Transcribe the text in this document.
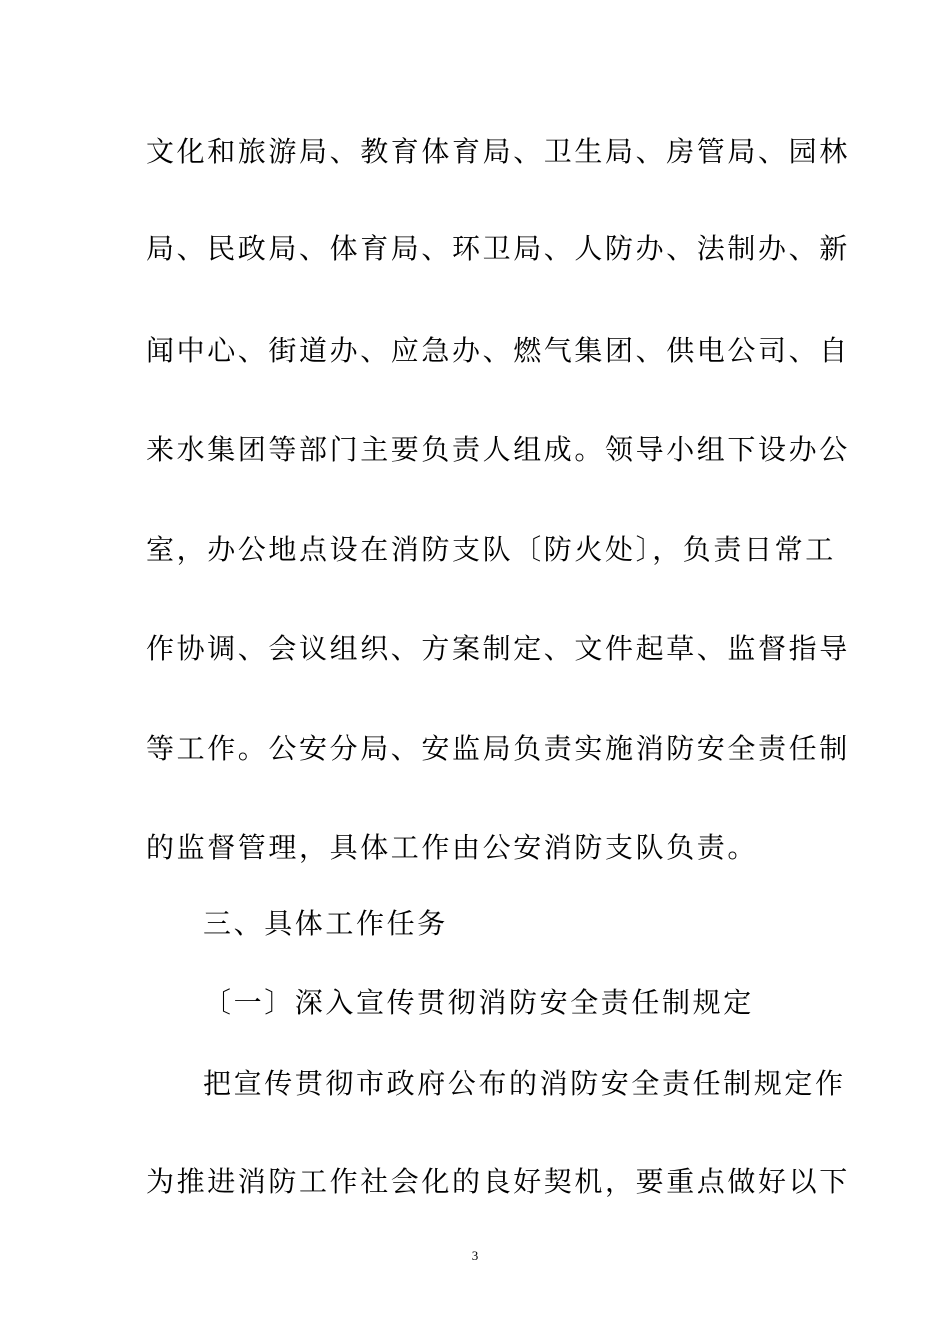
文化和旅游局、教育体育局、卫生局、房管局、园林
局、民政局、体育局、环卫局、人防办、法制办、新
闻中心、街道办、应急办、燃气集团、供电公司、自
来水集团等部门主要负责人组成。领导小组下设办公
室，办公地点设在消防支队〔防火处〕，负责日常工
作协调、会议组织、方案制定、文件起草、监督指导
等工作。公安分局、安监局负责实施消防安全责任制
的监督管理，具体工作由公安消防支队负责。
三、具体工作任务
〔一〕深入宣传贯彻消防安全责任制规定
把宣传贯彻市政府公布的消防安全责任制规定作
为推进消防工作社会化的良好契机，要重点做好以下
3
